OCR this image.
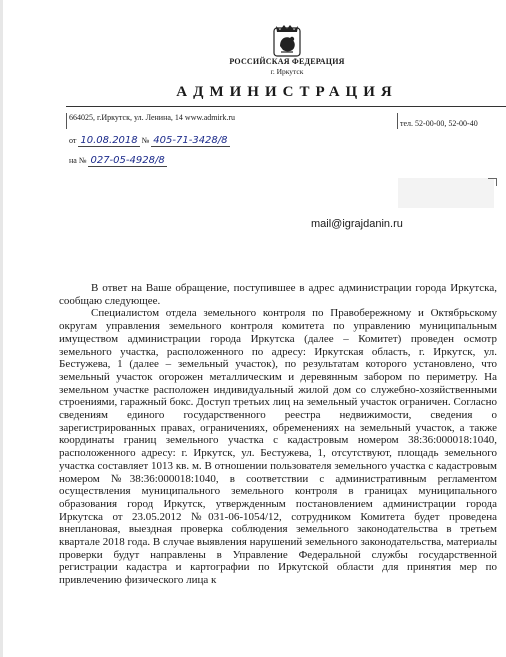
РОССИЙСКАЯ ФЕДЕРАЦИЯ
г. Иркутск
АДМИНИСТРАЦИЯ
664025, г.Иркутск, ул. Ленина, 14 www.admirk.ru
тел. 52-00-00, 52-00-40
от 10.08.2018 № 405-71-3428/8
на № 027-05-4928/8
mail@igrajdanin.ru

В ответ на Ваше обращение, поступившее в адрес администрации города Иркутска, сообщаю следующее.

Специалистом отдела земельного контроля по Правобережному и Октябрьскому округам управления земельного контроля комитета по управлению муниципальным имуществом администрации города Иркутска (далее – Комитет) проведен осмотр земельного участка, расположенного по адресу: Иркутская область, г. Иркутск, ул. Бестужева, 1 (далее – земельный участок), по результатам которого установлено, что земельный участок огорожен металлическим и деревянным забором по периметру. На земельном участке расположен индивидуальный жилой дом со служебно-хозяйственными строениями, гаражный бокс. Доступ третьих лиц на земельный участок ограничен. Согласно сведениям единого государственного реестра недвижимости, сведения о зарегистрированных правах, ограничениях, обременениях на земельный участок, а также координаты границ земельного участка с кадастровым номером 38:36:000018:1040, расположенного адресу: г. Иркутск, ул. Бестужева, 1, отсутствуют, площадь земельного участка составляет 1013 кв. м. В отношении пользователя земельного участка с кадастровым номером №38:36:000018:1040, в соответствии с административным регламентом осуществления муниципального земельного контроля в границах муниципального образования город Иркутск, утвержденным постановлением администрации города Иркутска от 23.05.2012 №031-06-1054/12, сотрудником Комитета будет проведена внеплановая, выездная проверка соблюдения земельного законодательства в третьем квартале 2018 года. В случае выявления нарушений земельного законодательства, материалы проверки будут направлены в Управление Федеральной службы государственной регистрации кадастра и картографии по Иркутской области для принятия мер по привлечению физического лица к
